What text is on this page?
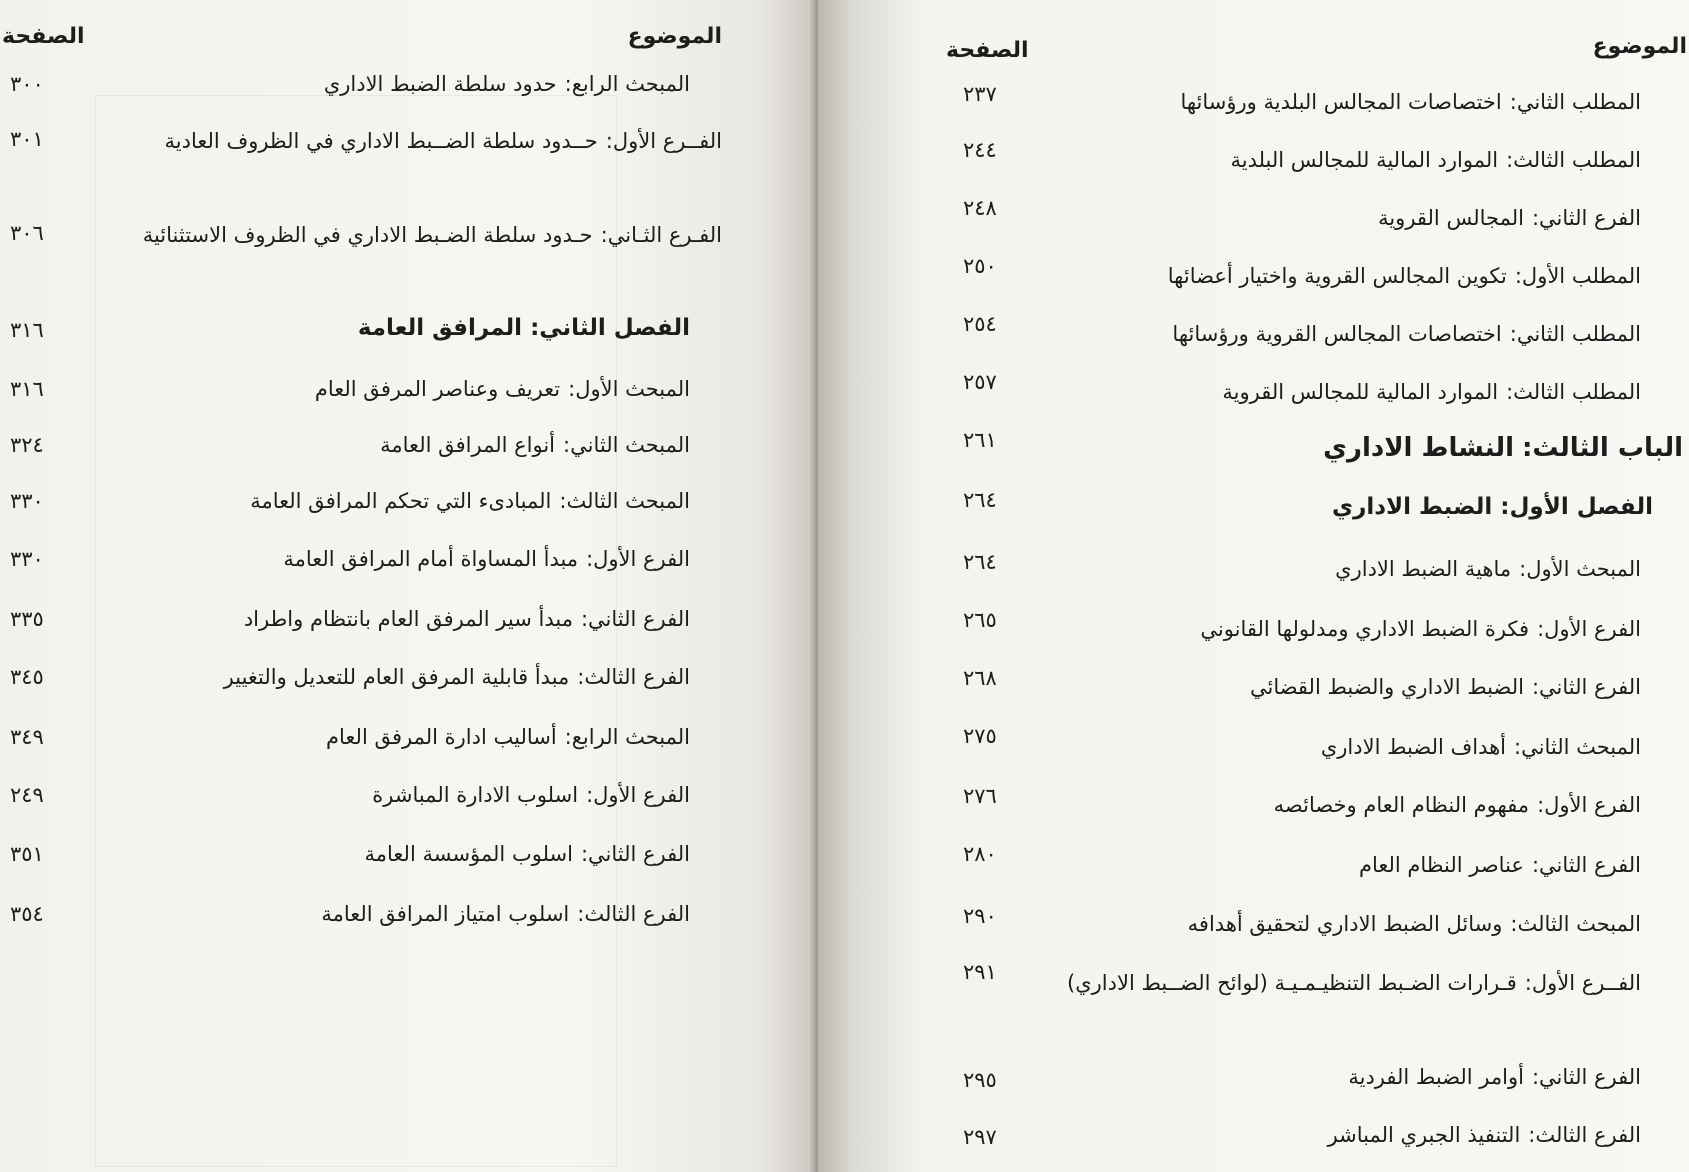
الموضوع
الصفحة
المبحث الرابع:حدود سلطة الضبط الاداري
٣٠٠
الفــرع الأول:حــدود سلطة الضــبط الاداري في الظروف العادية
٣٠١
الفـرع الثـاني:حـدود سلطة الضـبط الاداري في الظروف الاستثنائية
٣٠٦
الفصل الثاني:المرافق العامة
٣١٦
المبحث الأول:تعريف وعناصر المرفق العام
٣١٦
المبحث الثاني:أنواع المرافق العامة
٣٢٤
المبحث الثالث:المبادىء التي تحكم المرافق العامة
٣٣٠
الفرع الأول:مبدأ المساواة أمام المرافق العامة
٣٣٠
الفرع الثاني:مبدأ سير المرفق العام بانتظام واطراد
٣٣٥
الفرع الثالث:مبدأ قابلية المرفق العام للتعديل والتغيير
٣٤٥
المبحث الرابع:أساليب ادارة المرفق العام
٣٤٩
الفرع الأول:اسلوب الادارة المباشرة
٢٤٩
الفرع الثاني:اسلوب المؤسسة العامة
٣٥١
الفرع الثالث:اسلوب امتياز المرافق العامة
٣٥٤
الموضوع
الصفحة
المطلب الثاني:اختصاصات المجالس البلدية ورؤسائها
٢٣٧
المطلب الثالث:الموارد المالية للمجالس البلدية
٢٤٤
الفرع الثاني:المجالس القروية
٢٤٨
المطلب الأول:تكوين المجالس القروية واختيار أعضائها
٢٥٠
المطلب الثاني:اختصاصات المجالس القروية ورؤسائها
٢٥٤
المطلب الثالث:الموارد المالية للمجالس القروية
٢٥٧
الباب الثالث:النشاط الاداري
٢٦١
الفصل الأول:الضبط الاداري
٢٦٤
المبحث الأول:ماهية الضبط الاداري
٢٦٤
الفرع الأول:فكرة الضبط الاداري ومدلولها القانوني
٢٦٥
الفرع الثاني:الضبط الاداري والضبط القضائي
٢٦٨
المبحث الثاني:أهداف الضبط الاداري
٢٧٥
الفرع الأول:مفهوم النظام العام وخصائصه
٢٧٦
الفرع الثاني:عناصر النظام العام
٢٨٠
المبحث الثالث:وسائل الضبط الاداري لتحقيق أهدافه
٢٩٠
الفــرع الأول:قـرارات الضـبط التنظيـمـيـة (لوائح الضــبط الاداري)
٢٩١
الفرع الثاني:أوامر الضبط الفردية
٢٩٥
الفرع الثالث:التنفيذ الجبري المباشر
٢٩٧
